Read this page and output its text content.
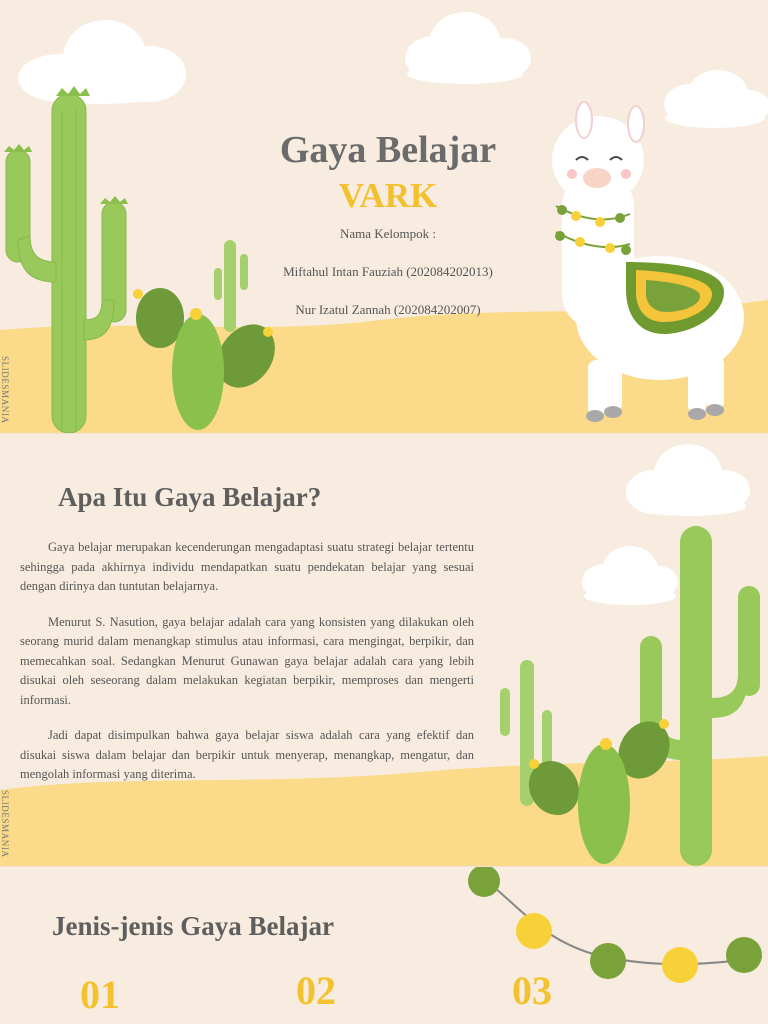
SLIDESMANIA
Gaya Belajar
VARK
Nama Kelompok :
Miftahul Intan Fauziah (202084202013)
Nur Izatul Zannah (202084202007)
SLIDESMANIA
Apa Itu Gaya Belajar?

Gaya belajar merupakan kecenderungan mengadaptasi suatu strategi belajar tertentu sehingga pada akhirnya individu mendapatkan suatu pendekatan belajar yang sesuai dengan dirinya dan tuntutan belajarnya.

Menurut S. Nasution, gaya belajar adalah cara yang konsisten yang dilakukan oleh seorang murid dalam menangkap stimulus atau informasi, cara mengingat, berpikir, dan memecahkan soal. Sedangkan Menurut Gunawan gaya belajar adalah cara yang lebih disukai oleh seseorang dalam melakukan kegiatan berpikir, memproses dan mengerti informasi.

Jadi dapat disimpulkan bahwa gaya belajar siswa adalah cara yang efektif dan disukai siswa dalam belajar dan berpikir untuk menyerap, menangkap, mengatur, dan mengolah informasi yang diterima.

Jenis-jenis Gaya Belajar
01	02	03
